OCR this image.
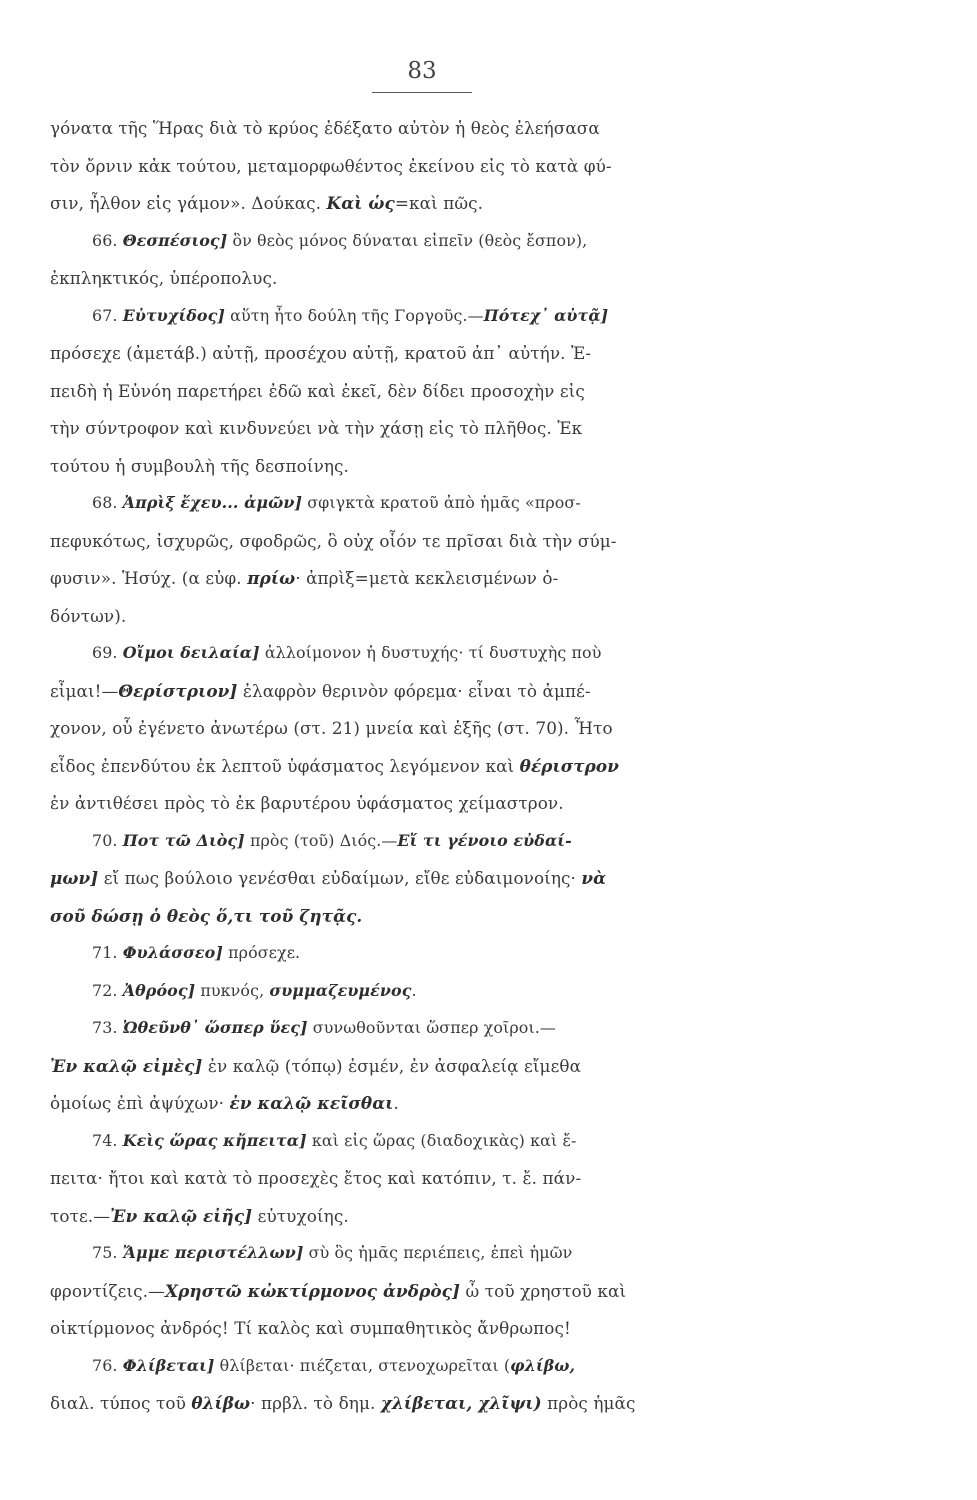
83
γόνατα τῆς Ἥρας διὰ τὸ κρύος ἐδέξατο αὐτὸν ἡ θεὸς ἐλεήσασα
τὸν ὄρνιν κἀκ τούτου, μεταμορφωθέντος ἐκείνου εἰς τὸ κατὰ φύ-
σιν, ἦλθον εἰς γάμον». Δούκας. Καὶ ὡς=καὶ πῶς.
66. Θεσπέσιος] ὃν θεὸς μόνος δύναται εἰπεῖν (θεὸς ἔσπον),
ἐκπληκτικός, ὑπέροπολυς.
67. Εὐτυχίδος] αὕτη ἦτο δούλη τῆς Γοργοῦς.—Πότεχ᾽ αὐτᾷ]
πρόσεχε (ἀμετάβ.) αὐτῇ, προσέχου αὐτῇ, κρατοῦ ἀπ᾽ αὐτήν. Ἐ-
πειδὴ ἡ Εὐνόη παρετήρει ἐδῶ καὶ ἐκεῖ, δὲν δίδει προσοχὴν εἰς
τὴν σύντροφον καὶ κινδυνεύει νὰ τὴν χάσῃ εἰς τὸ πλῆθος. Ἐκ
τούτου ἡ συμβουλὴ τῆς δεσποίνης.
68. Ἀπρὶξ ἔχευ... ἀμῶν] σφιγκτὰ κρατοῦ ἀπὸ ἡμᾶς «προσ-
πεφυκότως, ἰσχυρῶς, σφοδρῶς, ὃ οὐχ οἷόν τε πρῖσαι διὰ τὴν σύμ-
φυσιν». Ἡσύχ. (α εὐφ. πρίω· ἀπρὶξ=μετὰ κεκλεισμένων ὀ-
δόντων).
69. Οἴμοι δειλαία] ἀλλοίμονον ἡ δυστυχής· τί δυστυχὴς ποὺ
εἶμαι!—Θερίστριον] ἐλαφρὸν θερινὸν φόρεμα· εἶναι τὸ ἀμπέ-
χονον, οὗ ἐγένετο ἀνωτέρω (στ. 21) μνεία καὶ ἑξῆς (στ. 70). Ἦτο
εἶδος ἐπενδύτου ἐκ λεπτοῦ ὑφάσματος λεγόμενον καὶ θέριστρον
ἐν ἀντιθέσει πρὸς τὸ ἐκ βαρυτέρου ὑφάσματος χείμαστρον.
70. Ποτ τῶ Διὸς] πρὸς (τοῦ) Διός.—Εἴ τι γένοιο εὐδαί-
μων] εἴ πως βούλοιο γενέσθαι εὐδαίμων, εἴθε εὐδαιμονοίης· νὰ
σοῦ δώσῃ ὁ θεὸς ὅ,τι τοῦ ζητᾷς.
71. Φυλάσσεο] πρόσεχε.
72. Ἀθρόος] πυκνός, συμμαζευμένος.
73. Ὠθεῦνθ᾽ ὥσπερ ὕες] συνωθοῦνται ὥσπερ χοῖροι.—
Ἐν καλῷ εἰμὲς] ἐν καλῷ (τόπῳ) ἐσμέν, ἐν ἀσφαλείᾳ εἴμεθα
ὁμοίως ἐπὶ ἀψύχων· ἐν καλῷ κεῖσθαι.
74. Κεὶς ὥρας κἤπειτα] καὶ εἰς ὥρας (διαδοχικὰς) καὶ ἔ-
πειτα· ἤτοι καὶ κατὰ τὸ προσεχὲς ἔτος καὶ κατόπιν, τ. ἔ. πάν-
τοτε.—Ἐν καλῷ εἰῆς] εὐτυχοίης.
75. Ἄμμε περιστέλλων] σὺ ὃς ἡμᾶς περιέπεις, ἐπεὶ ἡμῶν
φροντίζεις.—Χρηστῶ κὠκτίρμονος ἀνδρὸς] ὦ τοῦ χρηστοῦ καὶ
οἰκτίρμονος ἀνδρός! Τί καλὸς καὶ συμπαθητικὸς ἄνθρωπος!
76. Φλίβεται] θλίβεται· πιέζεται, στενοχωρεῖται (φλίβω,
διαλ. τύπος τοῦ θλίβω· πρβλ. τὸ δημ. χλίβεται, χλῖψι) πρὸς ἡμᾶς
